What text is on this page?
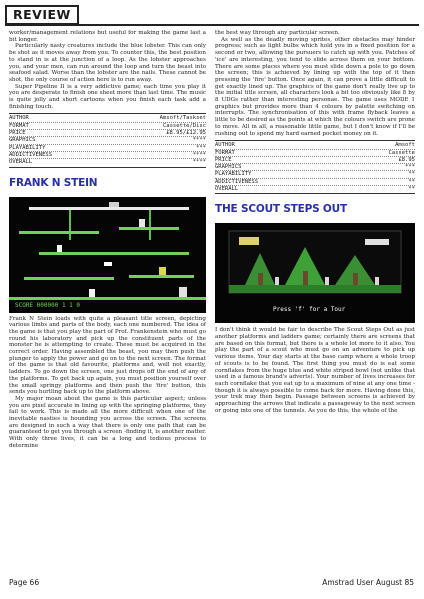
REVIEW

worker/management relations but useful for making the game last a bit longer.

Particularly nasty creatures include the blue lobster. This can only be shot as it moves away from you. To counter this, the best position to stand in is at the junction of a loop. As the lobster approaches you, and your men, can run around the loop and turn the beast into seafood salad. Worse than the lobster are the nails. These cannot be shot, the only course of action here is to run away.

Super Pipeline II is a very addictive game; each time you play it you are desperate to finish one sheet more than last time. The music is quite jolly and short cartoons when you finish each task add a finishing touch.

AUTHOR	Amsoft/Taskset
FORMAT	Cassette/Disc
PRICE	£8.95/£12.95
GRAPHICS	****
PLAYABILITY	***
ADDICTIVENESS	****
OVERALL	****
FRANK N STEIN
SCORE 000000 1 1 0

Frank N Stein loads with quite a pleasant title screen, depicting various limbs and parts of the body, each one numbered. The idea of the game is that you play the part of Prof. Frankenstein who must go round his laboratory and pick up the constituent parts of the monster he is attempting to create. These must be acquired in the correct order. Having assembled the beast, you may then push the plunger to apply the power and go on to the next screen. The format of the game is that old favourite, platforms and, well not exactly, ladders. To go down the screen, one just drops off the end of any of the platforms. To get back up again, you must position yourself over the small springy platforms and then push the 'fire' button, this sends you hurtling back up to the platform above.

My major moan about the game is this particular aspect; unless you are pixel accurate in lining up with the springing platforms, they fail to work. This is made all the more difficult when one of the inevitable nasties is hounding you across the screen. The screens are designed in such a way that there is only one path that can be guaranteed to get you through a screen -finding it, is another matter. With only three lives, it can be a long and tedious process to determine

the best way through any particular screen.

As well as the deadly moving sprites, other obstacles may hinder progress; such as light bulbs which hold you in a fixed position for a second or two, allowing the pursuers to catch up with you. Patches of 'ice' are interesting, you tend to slide across them on your bottom. There are some places where you must slide down a pole to go down the screen; this is achieved by lining up with the top of it then pressing the 'fire' button. Once again, it can prove a little difficult to get exactly lined up. The graphics of the game don't really live up to the initial title screen, all characters look a bit too obviously like 8 by 8 UDGs rather than interesting personae. The game uses MODE 1 graphics but provides more than 4 colours by palette switching on interrupts. The synchronisation of this with frame flyback leaves a little to be desired as the points at which the colours switch are prone to move. All in all, a reasonable little game, but I don't know if I'll be rushing out to spend my hard earned pocket money on it.

AUTHOR	Amsoft
FORMAT	Cassette
PRICE	£8.95
GRAPHICS	***
PLAYABILITY	**
ADDICTIVENESS	**
OVERALL	**
THE SCOUT STEPS OUT
Press 'f' for a Tour

I don't think it would be fair to describe The Scout Steps Out as just another platforms and ladders game; certainly there are screens that are based on this format, but there is a whole lot more to it also. You play the part of a scout who must go on an adventure to pick up various items. Your day starts at the base camp where a whole troop of scouts is to be found. The first thing you must do is eat some cornflakes from the huge blue and white striped bowl (not unlike that used in a famous brand's adverts). Your number of lives increases for each cornflake that you eat up to a maximum of nine at any one time - though it is always possible to come back for more. Having done this, your trek may then begin. Passage between screens is achieved by approaching the arrows that indicate a passageway to the next screen or going into one of the tunnels. As you do this, the whole of the

Page 66	Amstrad User August 85
